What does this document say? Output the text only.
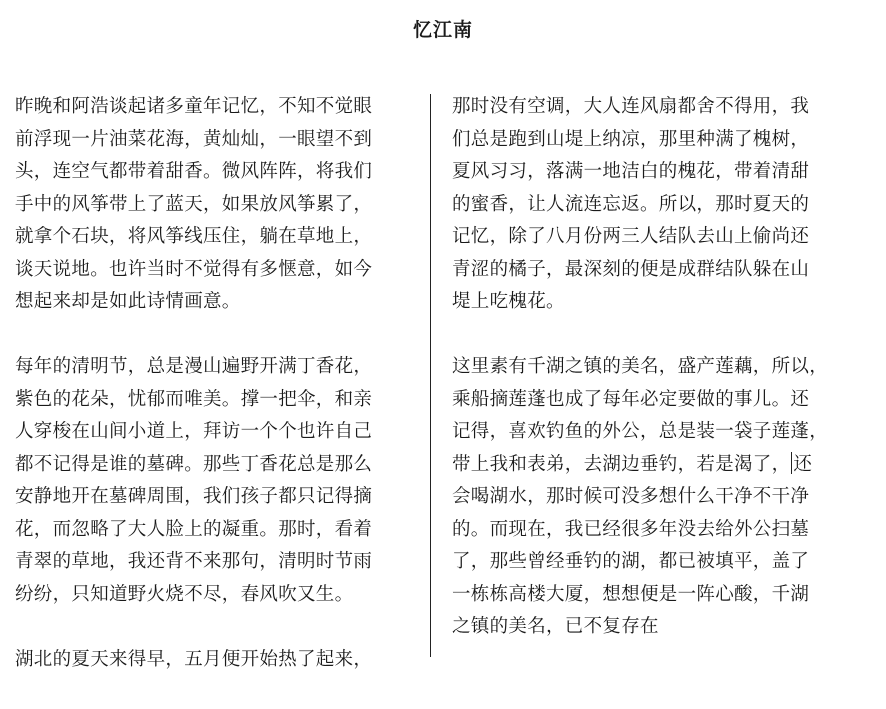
忆江南
昨晚和阿浩谈起诸多童年记忆，不知不觉眼
前浮现一片油菜花海，黄灿灿，一眼望不到
头，连空气都带着甜香。微风阵阵，将我们
手中的风筝带上了蓝天，如果放风筝累了，
就拿个石块，将风筝线压住，躺在草地上，
谈天说地。也许当时不觉得有多惬意，如今
想起来却是如此诗情画意。
每年的清明节，总是漫山遍野开满丁香花，
紫色的花朵，忧郁而唯美。撑一把伞，和亲
人穿梭在山间小道上，拜访一个个也许自己
都不记得是谁的墓碑。那些丁香花总是那么
安静地开在墓碑周围，我们孩子都只记得摘
花，而忽略了大人脸上的凝重。那时，看着
青翠的草地，我还背不来那句，清明时节雨
纷纷，只知道野火烧不尽，春风吹又生。
湖北的夏天来得早，五月便开始热了起来，
那时没有空调，大人连风扇都舍不得用，我
们总是跑到山堤上纳凉，那里种满了槐树，
夏风习习，落满一地洁白的槐花，带着清甜
的蜜香，让人流连忘返。所以，那时夏天的
记忆，除了八月份两三人结队去山上偷尚还
青涩的橘子，最深刻的便是成群结队躲在山
堤上吃槐花。
这里素有千湖之镇的美名，盛产莲藕，所以，
乘船摘莲蓬也成了每年必定要做的事儿。还
记得，喜欢钓鱼的外公，总是装一袋子莲蓬，
带上我和表弟，去湖边垂钓，若是渴了， 还
会喝湖水，那时候可没多想什么干净不干净
的。而现在，我已经很多年没去给外公扫墓
了，那些曾经垂钓的湖，都已被填平，盖了
一栋栋高楼大厦，想想便是一阵心酸，千湖
之镇的美名，已不复存在
